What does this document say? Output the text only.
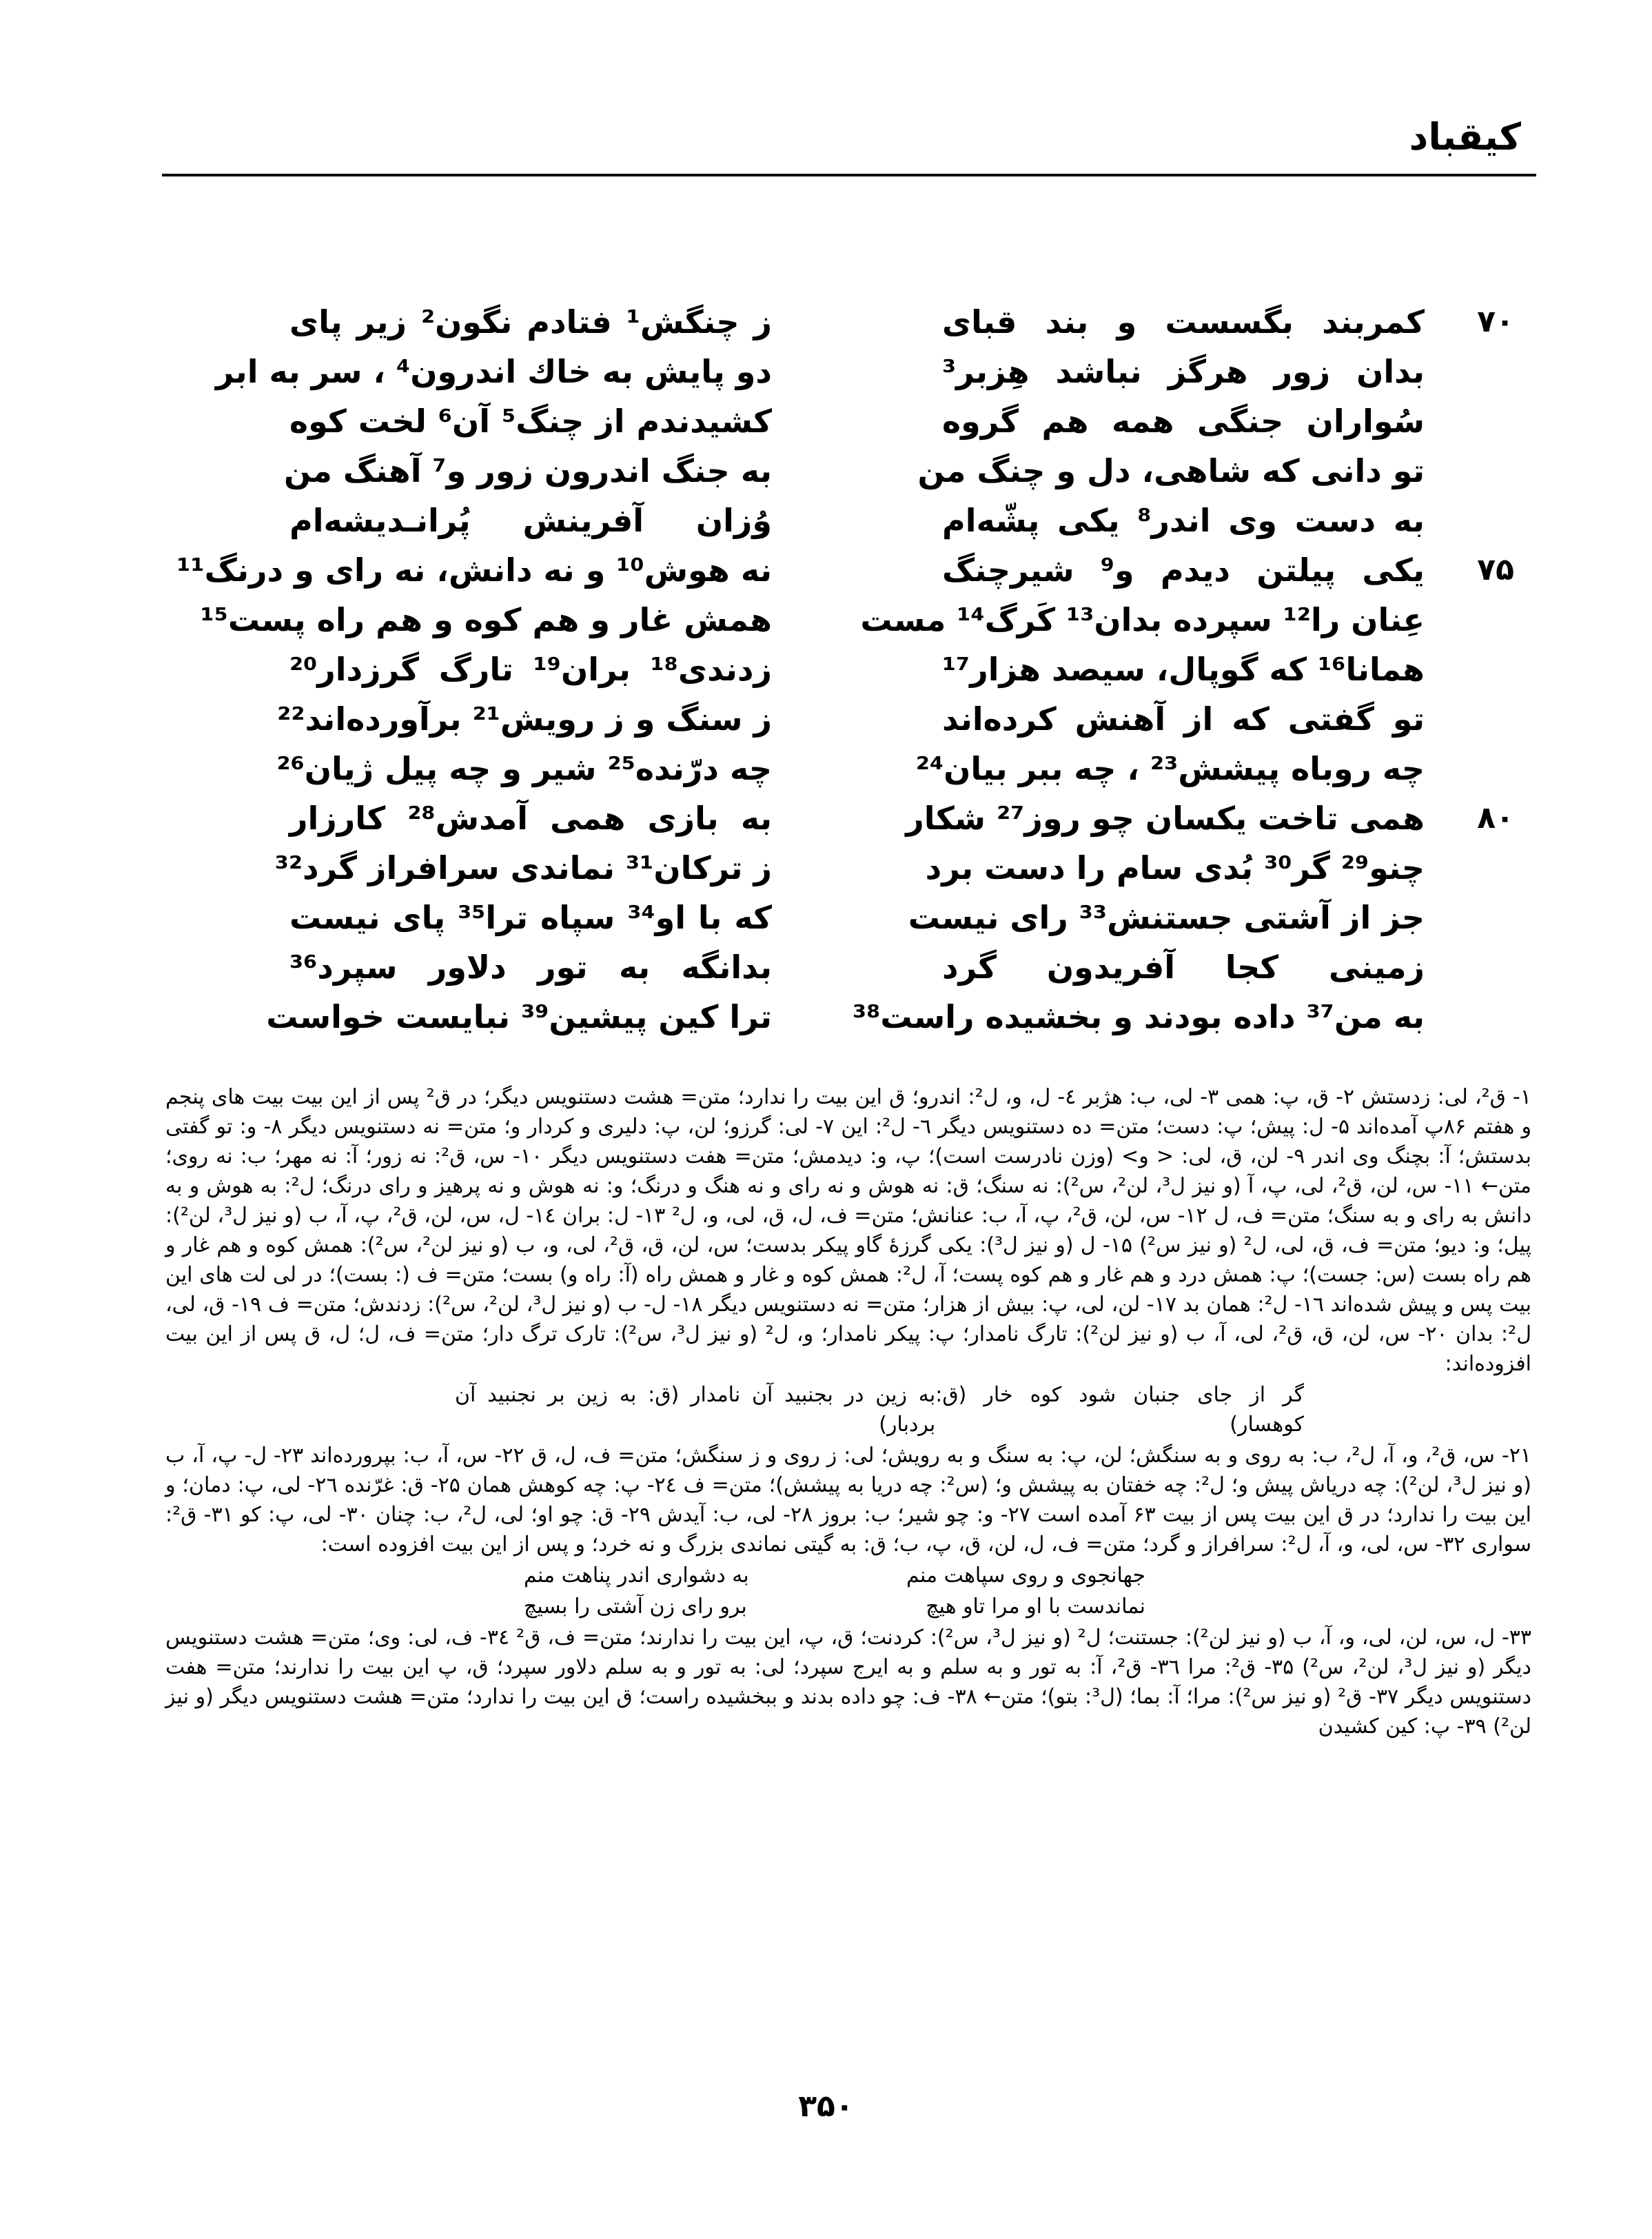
کیقباد
۷۰
کمربند بگسست و بند قبای
ز چنگش¹ فتادم نگون² زیر پای
بدان زور هرگز نباشد هِزبر³
دو پایش به خاك اندرون⁴ ، سر به ابر
سُواران جنگی همه هم گروه
کشیدندم از چنگ⁵ آن⁶ لخت کوه
تو دانی که شاهی، دل و چنگ من
به جنگ اندرون زور و⁷ آهنگ من
به دست وی اندر⁸ یکی پشّه‌ام
وُزان آفرینش پُرانـدیشه‌ام
۷۵
یکی پیلتن دیدم و⁹ شیرچنگ
نه هوش¹⁰ و نه دانش، نه رای و درنگ¹¹
عِنان را¹² سپرده بدان¹³ کَرگ¹⁴ مست
همش غار و هم کوه و هم راه پست¹⁵
همانا¹⁶ که گوپال، سیصد هزار¹⁷
زدندی¹⁸ بران¹⁹ تارگ گرزدار²⁰
تو گفتی که از آهنش کرده‌اند
ز سنگ و ز رویش²¹ برآورده‌اند²²
چه روباه پیشش²³ ، چه ببر بیان²⁴
چه درّنده²⁵ شیر و چه پیل ژیان²⁶
۸۰
همی تاخت یکسان چو روز²⁷ شکار
به بازی همی آمدش²⁸ کارزار
چنو²⁹ گر³⁰ بُدی سام را دست برد
ز ترکان³¹ نماندی سرافراز گرد³²
جز از آشتی جستنش³³ رای نیست
که با او³⁴ سپاه ترا³⁵ پای نیست
زمینی کجا آفریدون گرد
بدانگه به تور دلاور سپرد³⁶
به من³⁷ داده بودند و بخشیده راست³⁸
ترا کین پیشین³⁹ نبایست خواست

۱- ق²، لی: زدستش ۲- ق، پ: همی ۳- لی، ب: هژبر ٤- ل، و، ل²: اندرو؛ ق این بیت را ندارد؛ متن= هشت دستنویس دیگر؛ در ق² پس از این بیت بیت های پنجم و هفتم ۸۶پ آمده‌اند ۵- ل: پیش؛ پ: دست؛ متن= ده دستنویس دیگر ٦- ل²: این ۷- لی: گرزو؛ لن، پ: دلیری و کردار و؛ متن= نه دستنویس دیگر ۸- و: تو گفتی بدستش؛ آ: بچنگ وی اندر ۹- لن، ق، لی: < و> (وزن نادرست است)؛ پ، و: دیدمش؛ متن= هفت دستنویس دیگر ۱۰- س، ق²: نه زور؛ آ: نه مهر؛ ب: نه روی؛ متن← ۱۱- س، لن، ق²، لی، پ، آ (و نیز ل³، لن²، س²): نه سنگ؛ ق: نه هوش و نه رای و نه هنگ و درنگ؛ و: نه هوش و نه پرهیز و رای درنگ؛ ل²: به هوش و به دانش به رای و به سنگ؛ متن= ف، ل ۱۲- س، لن، ق²، پ، آ، ب: عنانش؛ متن= ف، ل، ق، لی، و، ل² ۱۳- ل: بران ١٤- ل، س، لن، ق²، پ، آ، ب (و نیز ل³، لن²): پیل؛ و: دیو؛ متن= ف، ق، لی، ل² (و نیز س²) ۱۵- ل (و نیز ل³): یکی گرزهٔ گاو پیکر بدست؛ س، لن، ق، ق²، لی، و، ب (و نیز لن²، س²): همش کوه و هم غار و هم راه بست (س: جست)؛ پ: همش درد و هم غار و هم کوه پست؛ آ، ل²: همش کوه و غار و همش راه (آ: راه و) بست؛ متن= ف (: بست)؛ در لی لت های این بیت پس و پیش شده‌اند ۱٦- ل²: همان بد ۱۷- لن، لی، پ: بیش از هزار؛ متن= نه دستنویس دیگر ۱۸- ل- ب (و نیز ل³، لن²، س²): زدندش؛ متن= ف ۱۹- ق، لی، ل²: بدان ۲۰- س، لن، ق، ق²، لی، آ، ب (و نیز لن²): تارگ نامدار؛ پ: پیکر نامدار؛ و، ل² (و نیز ل³، س²): تارک ترگ دار؛ متن= ف، ل؛ ل، ق پس از این بیت افزوده‌اند:

گر از جای جنبان شود کوه خار (ق: کوهسار)
به زین در بجنبید آن نامدار (ق: به زین بر نجنبید آن بردبار)

۲۱- س، ق²، و، آ، ل²، ب: به روی و به سنگش؛ لن، پ: به سنگ و به رویش؛ لی: ز روی و ز سنگش؛ متن= ف، ل، ق ۲۲- س، آ، ب: بپرورده‌اند ۲۳- ل- پ، آ، ب (و نیز ل³، لن²): چه دریاش پیش و؛ ل²: چه خفتان به پیشش و؛ (س²: چه دریا به پیشش)؛ متن= ف ٢٤- پ: چه کوهش همان ۲۵- ق: غرّنده ۲٦- لی، پ: دمان؛ و این بیت را ندارد؛ در ق این بیت پس از بیت ۶۳ آمده است ۲۷- و: چو شیر؛ ب: بروز ۲۸- لی، ب: آیدش ۲۹- ق: چو او؛ لی، ل²، ب: چنان ۳۰- لی، پ: کو ۳۱- ق²: سواری ۳۲- س، لی، و، آ، ل²: سرافراز و گرد؛ متن= ف، ل، لن، ق، پ، ب؛ ق: به گیتی نماندی بزرگ و نه خرد؛ و پس از این بیت افزوده است:

جهانجوی و روی سپاهت منم
به دشواری اندر پناهت منم
نماندست با او مرا تاو هیچ
برو رای زن آشتی را بسیچ

۳۳- ل، س، لن، لی، و، آ، ب (و نیز لن²): جستنت؛ ل² (و نیز ل³، س²): کردنت؛ ق، پ، این بیت را ندارند؛ متن= ف، ق² ٣٤- ف، لی: وی؛ متن= هشت دستنویس دیگر (و نیز ل³، لن²، س²) ۳۵- ق²: مرا ۳٦- ق²، آ: به تور و به سلم و به ایرج سپرد؛ لی: به تور و به سلم دلاور سپرد؛ ق، پ این بیت را ندارند؛ متن= هفت دستنویس دیگر ۳۷- ق² (و نیز س²): مرا؛ آ: بما؛ (ل³: بتو)؛ متن← ۳۸- ف: چو داده بدند و ببخشیده راست؛ ق این بیت را ندارد؛ متن= هشت دستنویس دیگر (و نیز لن²) ۳۹- پ: کین کشیدن

۳۵۰
